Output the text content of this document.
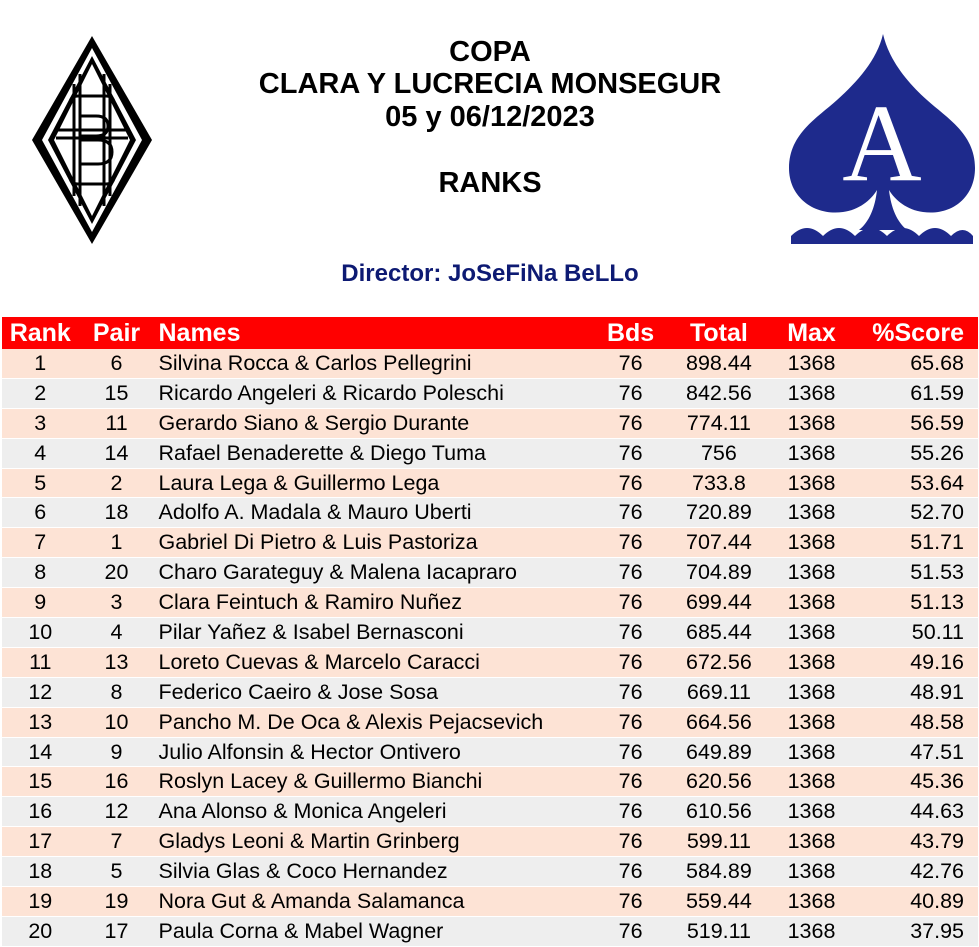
COPA
CLARA Y LUCRECIA MONSEGUR
05 y 06/12/2023
RANKS	A
Director: JoSeFiNa BeLLo
Rank	Pair	Names	Bds	Total	Max	%Score
1	6	Silvina Rocca & Carlos Pellegrini	76	898.44	1368	65.68
2	15	Ricardo Angeleri & Ricardo Poleschi	76	842.56	1368	61.59
3	11	Gerardo Siano & Sergio Durante	76	774.11	1368	56.59
4	14	Rafael Benaderette & Diego Tuma	76	756	1368	55.26
5	2	Laura Lega & Guillermo Lega	76	733.8	1368	53.64
6	18	Adolfo A. Madala & Mauro Uberti	76	720.89	1368	52.70
7	1	Gabriel Di Pietro & Luis Pastoriza	76	707.44	1368	51.71
8	20	Charo Garateguy & Malena Iacapraro	76	704.89	1368	51.53
9	3	Clara Feintuch & Ramiro Nuñez	76	699.44	1368	51.13
10	4	Pilar Yañez & Isabel Bernasconi	76	685.44	1368	50.11
11	13	Loreto Cuevas & Marcelo Caracci	76	672.56	1368	49.16
12	8	Federico Caeiro & Jose Sosa	76	669.11	1368	48.91
13	10	Pancho M. De Oca & Alexis Pejacsevich	76	664.56	1368	48.58
14	9	Julio Alfonsin & Hector Ontivero	76	649.89	1368	47.51
15	16	Roslyn Lacey & Guillermo Bianchi	76	620.56	1368	45.36
16	12	Ana Alonso & Monica Angeleri	76	610.56	1368	44.63
17	7	Gladys Leoni & Martin Grinberg	76	599.11	1368	43.79
18	5	Silvia Glas & Coco Hernandez	76	584.89	1368	42.76
19	19	Nora Gut & Amanda Salamanca	76	559.44	1368	40.89
20	17	Paula Corna & Mabel Wagner	76	519.11	1368	37.95
